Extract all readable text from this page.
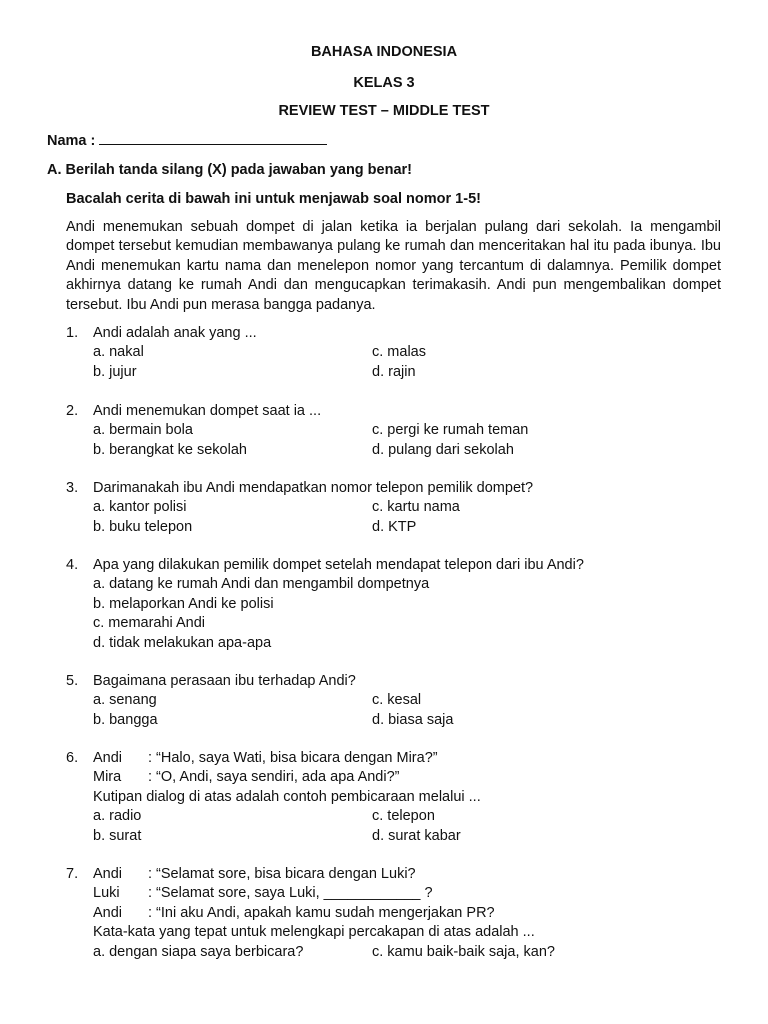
BAHASA INDONESIA
KELAS 3
REVIEW TEST – MIDDLE TEST
Nama :
A. Berilah tanda silang (X) pada jawaban yang benar!
Bacalah cerita di bawah ini untuk menjawab soal nomor 1-5!

Andi menemukan sebuah dompet di jalan ketika ia berjalan pulang dari sekolah. Ia mengambil dompet tersebut kemudian membawanya pulang ke rumah dan menceritakan hal itu pada ibunya. Ibu Andi menemukan kartu nama dan menelepon nomor yang tercantum di dalamnya. Pemilik dompet akhirnya datang ke rumah Andi dan mengucapkan terimakasih. Andi pun mengembalikan dompet tersebut. Ibu Andi pun merasa bangga padanya.

1. Andi adalah anak yang ...
a. nakal	c. malas
b. jujur	d. rajin
2. Andi menemukan dompet saat ia ...
a. bermain bola	c. pergi ke rumah teman
b. berangkat ke sekolah	d. pulang dari sekolah
3. Darimanakah ibu Andi mendapatkan nomor telepon pemilik dompet?
a. kantor polisi	c. kartu nama
b. buku telepon	d. KTP
4. Apa yang dilakukan pemilik dompet setelah mendapat telepon dari ibu Andi?
a. datang ke rumah Andi dan mengambil dompetnya
b. melaporkan Andi ke polisi
c. memarahi Andi
d. tidak melakukan apa-apa
5. Bagaimana perasaan ibu terhadap Andi?
a. senang	c. kesal
b. bangga	d. biasa saja
6. Andi : “Halo, saya Wati, bisa bicara dengan Mira?”
Mira : “O, Andi, saya sendiri, ada apa Andi?”
Kutipan dialog di atas adalah contoh pembicaraan melalui ...
a. radio	c. telepon
b. surat	d. surat kabar
7. Andi : “Selamat sore, bisa bicara dengan Luki?
Luki : “Selamat sore, saya Luki, ____________ ?
Andi : “Ini aku Andi, apakah kamu sudah mengerjakan PR?
Kata-kata yang tepat untuk melengkapi percakapan di atas adalah ...
a. dengan siapa saya berbicara?	c. kamu baik-baik saja, kan?
